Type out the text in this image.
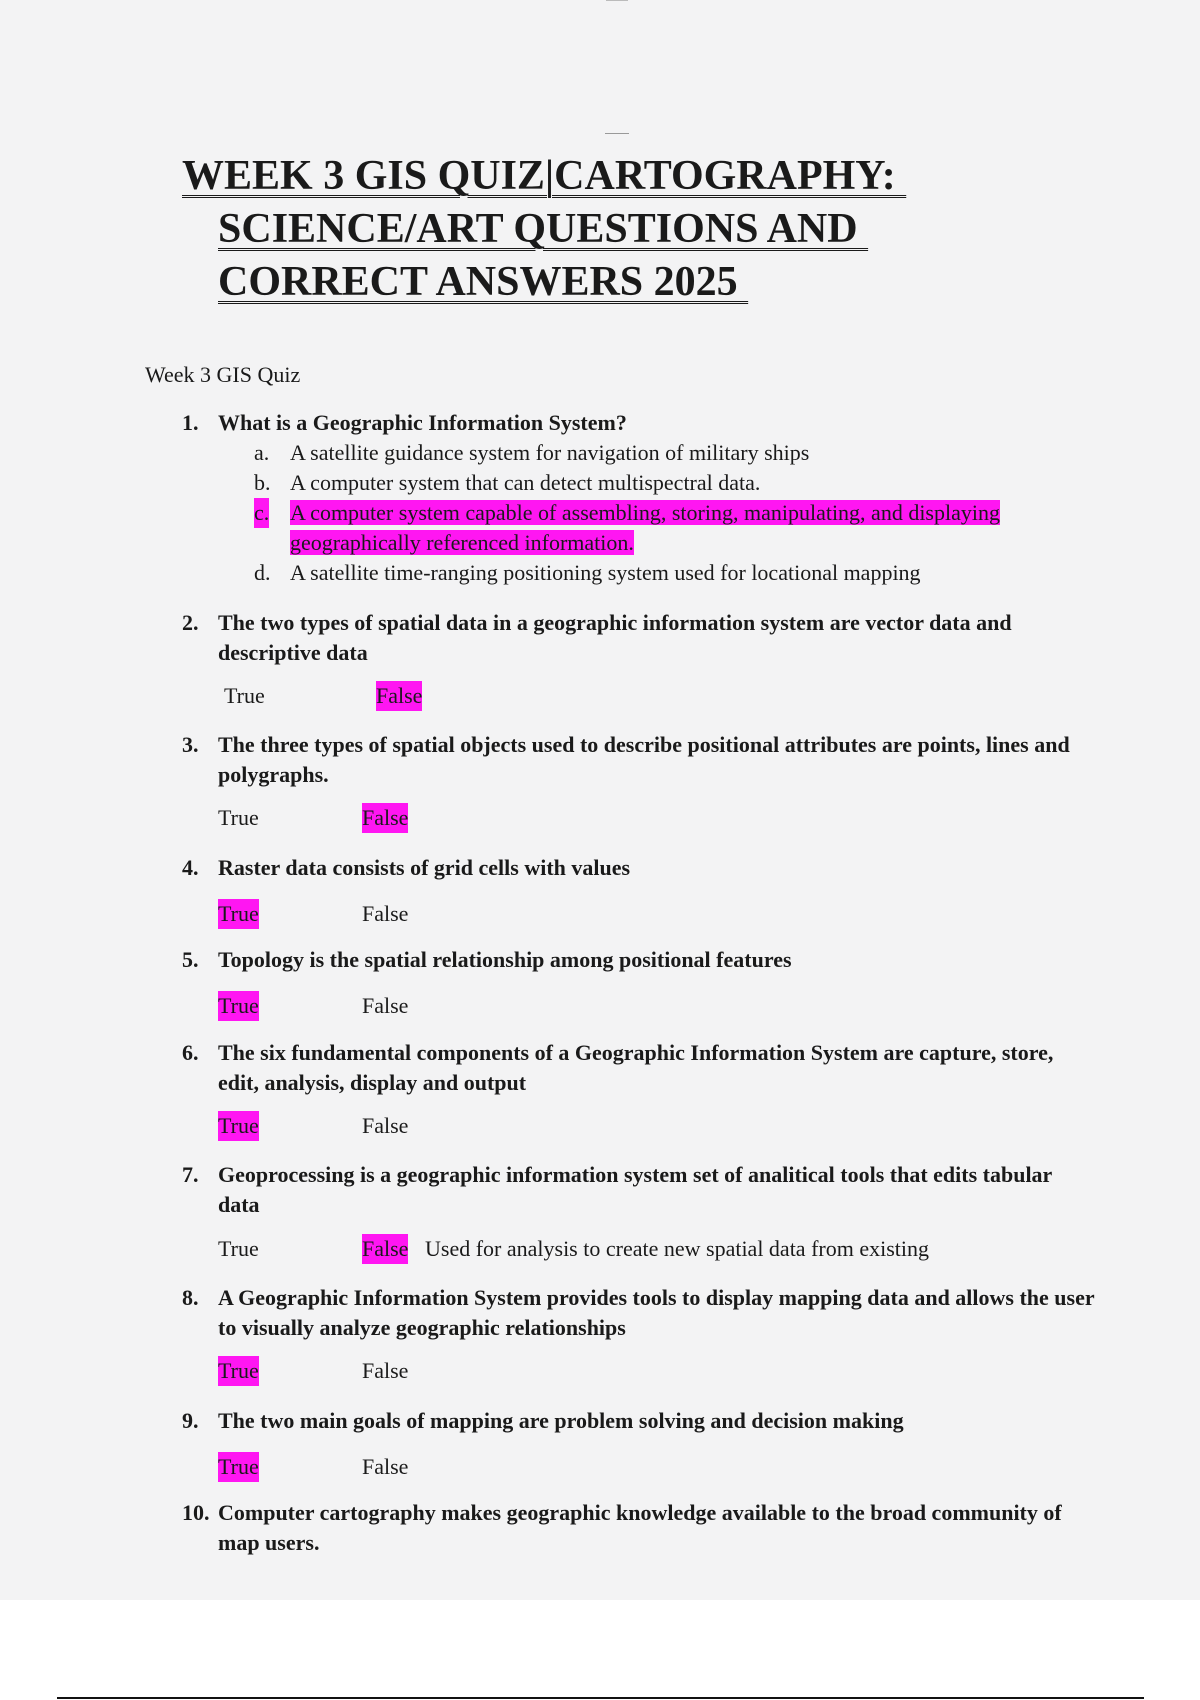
WEEK 3 GIS QUIZ|CARTOGRAPHY:
SCIENCE/ART QUESTIONS AND
CORRECT ANSWERS 2025

Week 3 GIS Quiz

1. What is a Geographic Information System?
a. A satellite guidance system for navigation of military ships
b. A computer system that can detect multispectral data.
c. A computer system capable of assembling, storing, manipulating, and displaying geographically referenced information.
d. A satellite time-ranging positioning system used for locational mapping
2. The two types of spatial data in a geographic information system are vector data and descriptive data
True	False
3. The three types of spatial objects used to describe positional attributes are points, lines and polygraphs.
True	False
4. Raster data consists of grid cells with values
True	False
5. Topology is the spatial relationship among positional features
True	False
6. The six fundamental components of a Geographic Information System are capture, store, edit, analysis, display and output
True	False
7. Geoprocessing is a geographic information system set of analitical tools that edits tabular data
True	False Used for analysis to create new spatial data from existing
8. A Geographic Information System provides tools to display mapping data and allows the user to visually analyze geographic relationships
True	False
9. The two main goals of mapping are problem solving and decision making
True	False
10. Computer cartography makes geographic knowledge available to the broad community of map users.
